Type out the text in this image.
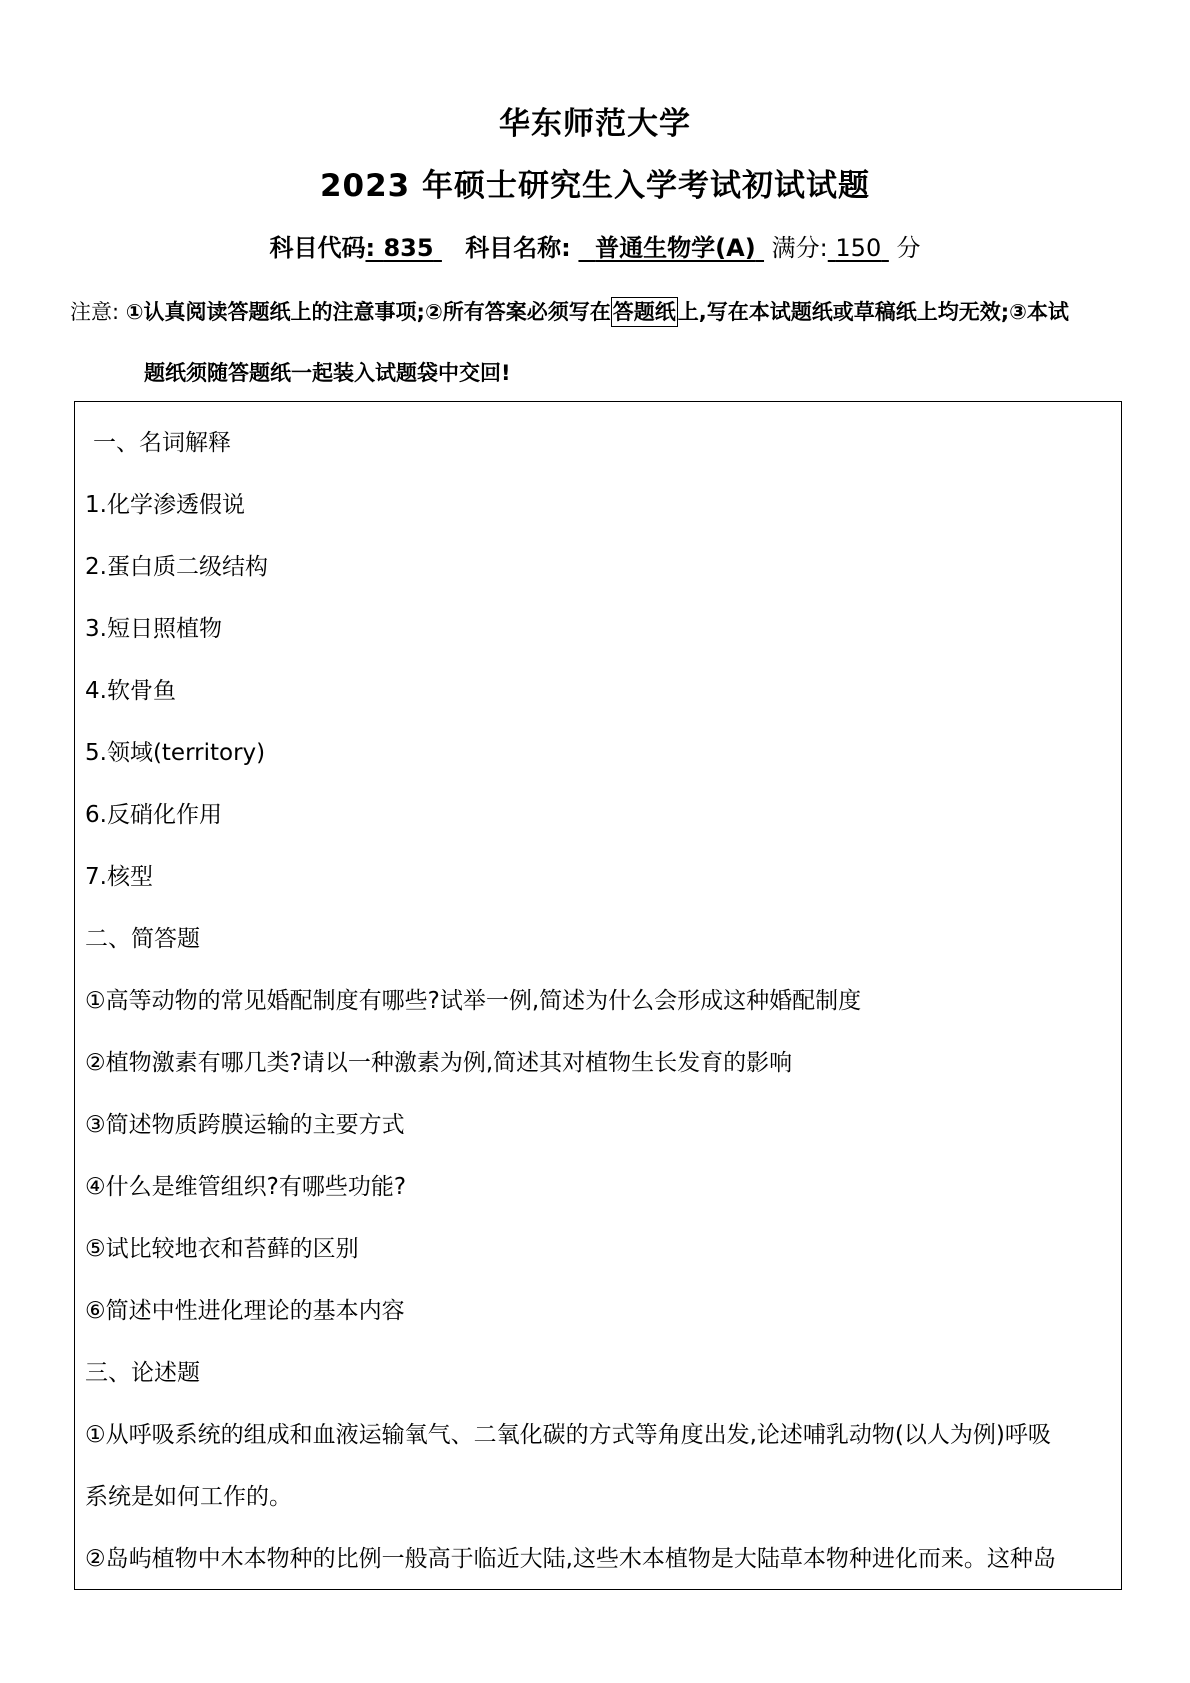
华东师范大学
2023 年硕士研究生入学考试初试试题
科目代码: 835 科目名称: 普通生物学(A) 满分: 150 分
注意: ①认真阅读答题纸上的注意事项;②所有答案必须写在答题纸上,写在本试题纸或草稿纸上均无效;③本试
题纸须随答题纸一起装入试题袋中交回!
一、名词解释
1.化学渗透假说
2.蛋白质二级结构
3.短日照植物
4.软骨鱼
5.领域(territory)
6.反硝化作用
7.核型
二、简答题
①高等动物的常见婚配制度有哪些?试举一例,简述为什么会形成这种婚配制度
②植物激素有哪几类?请以一种激素为例,简述其对植物生长发育的影响
③简述物质跨膜运输的主要方式
④什么是维管组织?有哪些功能?
⑤试比较地衣和苔藓的区别
⑥简述中性进化理论的基本内容
三、论述题
①从呼吸系统的组成和血液运输氧气、二氧化碳的方式等角度出发,论述哺乳动物(以人为例)呼吸
系统是如何工作的。
②岛屿植物中木本物种的比例一般高于临近大陆,这些木本植物是大陆草本物种进化而来。这种岛
